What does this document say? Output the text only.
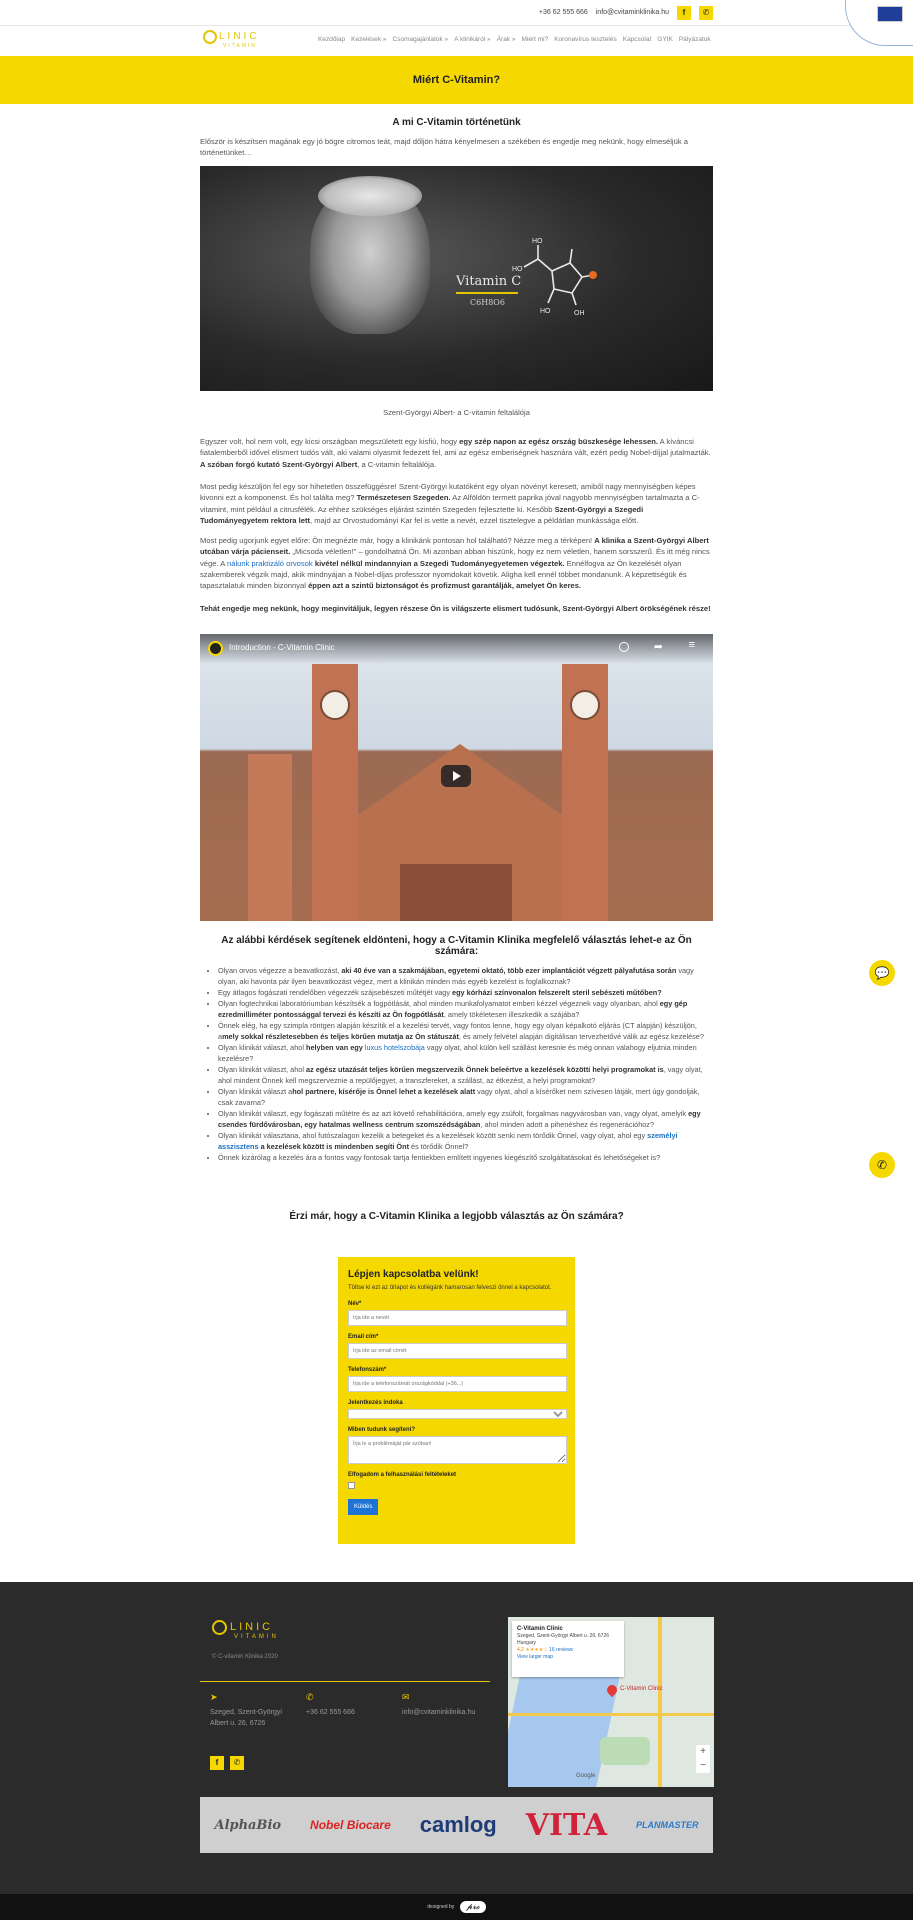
+36 62 555 666 info@cvitaminklinika.hu	f	✆
LINIC
VITAMIN
Kezdőlap Kezelések » Csomagajánlatok » A klinikáról » Árak » Miért mi? Koronavírus tesztelés Kapcsolat GYIK Pályázatok
Miért C-Vitamin?
A mi C-Vitamin történetünk
Először is készítsen magának egy jó bögre citromos teát, majd dőljön hátra kényelmesen a székében és engedje meg nekünk, hogy elmeséljük a történetünket…
HO
HO
HO	OH
Vitamin C
C6H8O6
Szent-Györgyi Albert- a C-vitamin feltalálója
Egyszer volt, hol nem volt, egy kicsi országban megszületett egy kisfiú, hogy egy szép napon az egész ország büszkesége lehessen. A kíváncsi fiatalemberből idővel elismert tudós vált, aki valami olyasmit fedezett fel, ami az egész emberiségnek hasznára vált, ezért pedig Nobel-díjjal jutalmazták. A szóban forgó kutató Szent-Györgyi Albert, a C-vitamin feltalálója.
Most pedig készüljön fel egy sor hihetetlen összefüggésre! Szent-Györgyi kutatóként egy olyan növényt keresett, amiből nagy mennyiségben képes kivonni ezt a komponenst. És hol találta meg? Természetesen Szegeden. Az Alföldön termett paprika jóval nagyobb mennyiségben tartalmazta a C-vitamint, mint például a citrusfélék. Az ehhez szükséges eljárást szintén Szegeden fejlesztette ki. Később Szent-Györgyi a Szegedi Tudományegyetem rektora lett, majd az Orvostudományi Kar fel is vette a nevét, ezzel tisztelegve a példátlan munkássága előtt.
Most pedig ugorjunk egyet előre: Ön megnézte már, hogy a klinikánk pontosan hol található? Nézze meg a térképen! A klinika a Szent-Györgyi Albert utcában várja pácienseit. „Micsoda véletlen!" – gondolhatná Ön. Mi azonban abban hiszünk, hogy ez nem véletlen, hanem sorsszerű. És itt még nincs vége. A nálunk praktizáló orvosok kivétel nélkül mindannyian a Szegedi Tudományegyetemen végeztek. Ennélfogva az Ön kezelését olyan szakemberek végzik majd, akik mindnyájan a Nobel-díjas professzor nyomdokait követik. Aligha kell ennél többet mondanunk. A képzettségük és tapasztalatuk minden bizonnyal éppen azt a szintű biztonságot és profizmust garantálják, amelyet Ön keres.
Tehát engedje meg nekünk, hogy meginvitáljuk, legyen részese Ön is világszerte elismert tudósunk, Szent-Györgyi Albert örökségének része!
Introduction - C-Vitamin Clinic	➦ ≡
Az alábbi kérdések segítenek eldönteni, hogy a C-Vitamin Klinika megfelelő választás lehet-e az Ön számára:
• Olyan orvos végezze a beavatkozást, aki 40 éve van a szakmájában, egyetemi oktató, több ezer implantációt végzett pályafutása során vagy olyan, aki havonta pár ilyen beavatkozást végez, mert a klinikán minden más egyéb kezelést is foglalkoznak?
• Egy átlagos fogászati rendelőben végezzék szájsebészeti műtétjét vagy egy kórházi színvonalon felszerelt steril sebészeti műtőben?
• Olyan fogtechnikai laboratóriumban készítsék a fogpótlását, ahol minden munkafolyamatot emberi kézzel végeznek vagy olyanban, ahol egy gép ezredmilliméter pontossággal tervezi és készíti az Ön fogpótlását, amely tökéletesen illeszkedik a szájába?
• Önnek elég, ha egy szimpla röntgen alapján készítik el a kezelési tervét, vagy fontos lenne, hogy egy olyan képalkotó eljárás (CT alapján) készüljön, amely sokkal részletesebben és teljes körűen mutatja az Ön státuszát, és amely felvétel alapján digitálisan tervezhetővé válik az egész kezelése?
• Olyan klinikát választ, ahol helyben van egy luxus hotelszobája vagy olyat, ahol külön kell szállást keresnie és még onnan valahogy eljutnia minden kezelésre?
• Olyan klinikát választ, ahol az egész utazását teljes körűen megszervezik Önnek beleértve a kezelések közötti helyi programokat is, vagy olyat, ahol mindent Önnek kell megszerveznie a repülőjegyet, a transzfereket, a szállást, az étkezést, a helyi programokat?
• Olyan klinikát választ ahol partnere, kísérője is Önnel lehet a kezelések alatt vagy olyat, ahol a kísérőket nem szívesen látják, mert úgy gondolják, csak zavarna?
• Olyan klinikát választ, egy fogászati műtétre és az azt követő rehabilitációra, amely egy zsúfolt, forgalmas nagyvárosban van, vagy olyat, amelyik egy csendes fürdővárosban, egy hatalmas wellness centrum szomszédságában, ahol minden adott a pihenéshez és regenerációhoz?
• Olyan klinikát választana, ahol futószalagon kezelik a betegeket és a kezelések között senki nem törődik Önnel, vagy olyat, ahol egy személyi asszisztens a kezelések között is mindenben segíti Önt és törődik Önnel?
• Önnek kizárólag a kezelés ára a fontos vagy fontosak tartja fentiekben említett ingyenes kiegészítő szolgáltatásokat és lehetőségeket is?
Érzi már, hogy a C-Vitamin Klinika a legjobb választás az Ön számára?
Lépjen kapcsolatba velünk!
Töltse ki ezt az űrlapot és kollégánk hamarosan felveszi önnel a kapcsolatot.
Név*
Írja ide a nevét
Email cím*
Írja ide az email címét
Telefonszám*
Írja ide a telefonszámát országkóddal (+36...)
Jelentkezés indoka
Miben tudunk segíteni?
Írja le a problémáját pár szóban!
Elfogadom a felhasználási feltételeket
Küldés
💬
✆
LINIC
VITAMIN
© C-vitamin Klinika 2020
➤
Szeged, Szent-Györgyi Albert u. 26, 6726
✆
+36 62 555 666
✉
info@cvitaminklinika.hu
f	✆
C-Vitamin Clinic
Szeged, Szent-Györgyi Albert u. 26, 6726 Hungary
4.2 ★★★★☆ 16 reviews
View larger map
C-Vitamin Clinic
+
−
Google
AlphaBio Nobel Biocare camlog VITA	PLANMASTER
designed by	𝓹𝓻𝓸
